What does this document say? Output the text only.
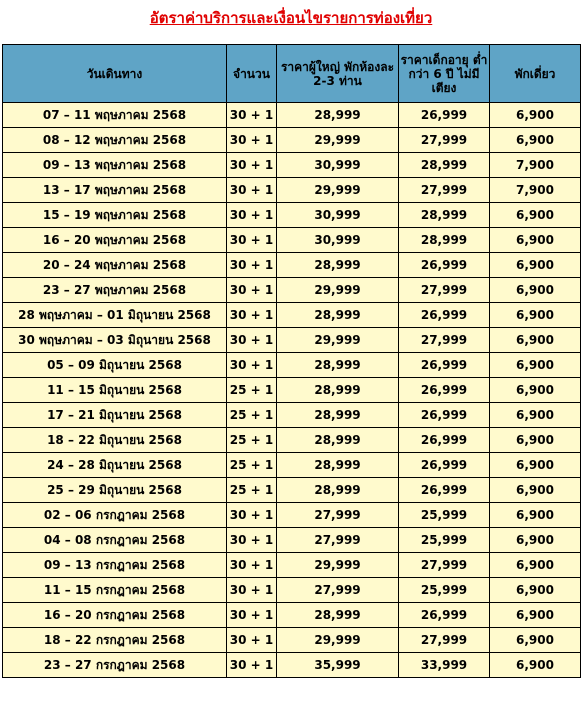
อัตราค่าบริการและเงื่อนไขรายการท่องเที่ยว
วันเดินทาง	จำนวน	ราคาผู้ใหญ่ พักห้องละ 2-3 ท่าน	ราคาเด็กอายุ ต่ำกว่า 6 ปี ไม่มีเตียง	พักเดี่ยว
07 – 11 พฤษภาคม 2568	30 + 1	28,999	26,999	6,900
08 – 12 พฤษภาคม 2568	30 + 1	29,999	27,999	6,900
09 – 13 พฤษภาคม 2568	30 + 1	30,999	28,999	7,900
13 – 17 พฤษภาคม 2568	30 + 1	29,999	27,999	7,900
15 – 19 พฤษภาคม 2568	30 + 1	30,999	28,999	6,900
16 – 20 พฤษภาคม 2568	30 + 1	30,999	28,999	6,900
20 – 24 พฤษภาคม 2568	30 + 1	28,999	26,999	6,900
23 – 27 พฤษภาคม 2568	30 + 1	29,999	27,999	6,900
28 พฤษภาคม – 01 มิถุนายน 2568	30 + 1	28,999	26,999	6,900
30 พฤษภาคม – 03 มิถุนายน 2568	30 + 1	29,999	27,999	6,900
05 – 09 มิถุนายน 2568	30 + 1	28,999	26,999	6,900
11 – 15 มิถุนายน 2568	25 + 1	28,999	26,999	6,900
17 – 21 มิถุนายน 2568	25 + 1	28,999	26,999	6,900
18 – 22 มิถุนายน 2568	25 + 1	28,999	26,999	6,900
24 – 28 มิถุนายน 2568	25 + 1	28,999	26,999	6,900
25 – 29 มิถุนายน 2568	25 + 1	28,999	26,999	6,900
02 – 06 กรกฎาคม 2568	30 + 1	27,999	25,999	6,900
04 – 08 กรกฎาคม 2568	30 + 1	27,999	25,999	6,900
09 – 13 กรกฎาคม 2568	30 + 1	29,999	27,999	6,900
11 – 15 กรกฎาคม 2568	30 + 1	27,999	25,999	6,900
16 – 20 กรกฎาคม 2568	30 + 1	28,999	26,999	6,900
18 – 22 กรกฎาคม 2568	30 + 1	29,999	27,999	6,900
23 – 27 กรกฎาคม 2568	30 + 1	35,999	33,999	6,900
